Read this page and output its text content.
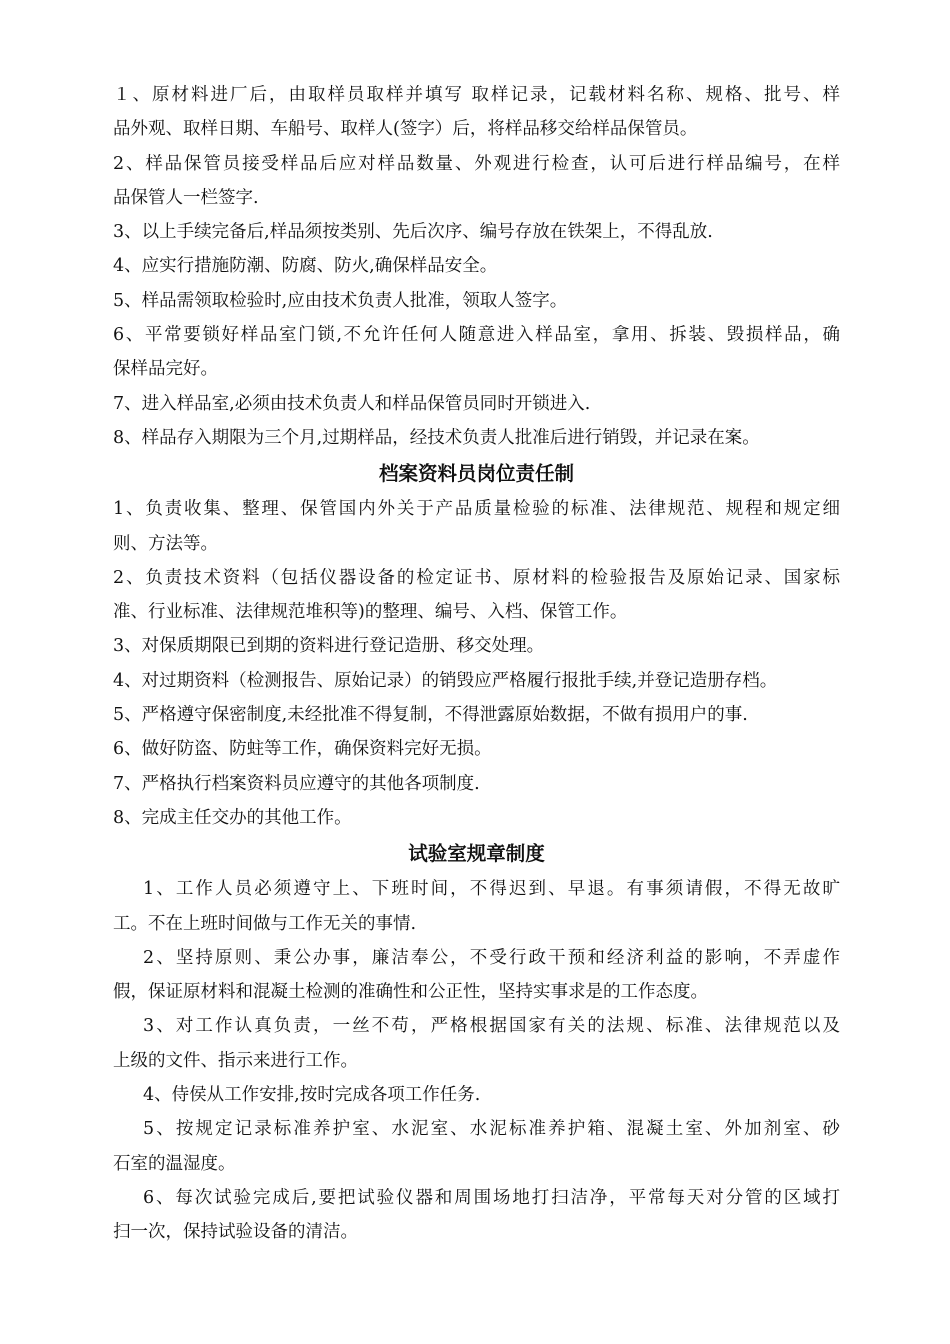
１、原材料进厂后，由取样员取样并填写 取样记录，记载材料名称、规格、批号、样
品外观、取样日期、车船号、取样人(签字）后，将样品移交给样品保管员。
2、样品保管员接受样品后应对样品数量、外观进行检查，认可后进行样品编号，在样
品保管人一栏签字.
3、以上手续完备后,样品须按类别、先后次序、编号存放在铁架上，不得乱放.
4、应实行措施防潮、防腐、防火,确保样品安全。
5、样品需领取检验时,应由技术负责人批准，领取人签字。
6、平常要锁好样品室门锁,不允许任何人随意进入样品室，拿用、拆装、毁损样品，确
保样品完好。
7、进入样品室,必须由技术负责人和样品保管员同时开锁进入.
8、样品存入期限为三个月,过期样品，经技术负责人批准后进行销毁，并记录在案。
档案资料员岗位责任制
1、负责收集、整理、保管国内外关于产品质量检验的标准、法律规范、规程和规定细
则、方法等。
2、负责技术资料（包括仪器设备的检定证书、原材料的检验报告及原始记录、国家标
准、行业标准、法律规范堆积等)的整理、编号、入档、保管工作。
3、对保质期限已到期的资料进行登记造册、移交处理。
4、对过期资料（检测报告、原始记录）的销毁应严格履行报批手续,并登记造册存档。
5、严格遵守保密制度,未经批准不得复制，不得泄露原始数据，不做有损用户的事.
6、做好防盗、防蛀等工作，确保资料完好无损。
7、严格执行档案资料员应遵守的其他各项制度.
8、完成主任交办的其他工作。
试验室规章制度
1、工作人员必须遵守上、下班时间，不得迟到、早退。有事须请假，不得无故旷
工。不在上班时间做与工作无关的事情.
2、坚持原则、秉公办事，廉洁奉公，不受行政干预和经济利益的影响，不弄虚作
假，保证原材料和混凝土检测的准确性和公正性，坚持实事求是的工作态度。
3、对工作认真负责，一丝不苟，严格根据国家有关的法规、标准、法律规范以及
上级的文件、指示来进行工作。
4、侍侯从工作安排,按时完成各项工作任务.
5、按规定记录标准养护室、水泥室、水泥标准养护箱、混凝土室、外加剂室、砂
石室的温湿度。
6、每次试验完成后,要把试验仪器和周围场地打扫洁净，平常每天对分管的区域打
扫一次，保持试验设备的清洁。
